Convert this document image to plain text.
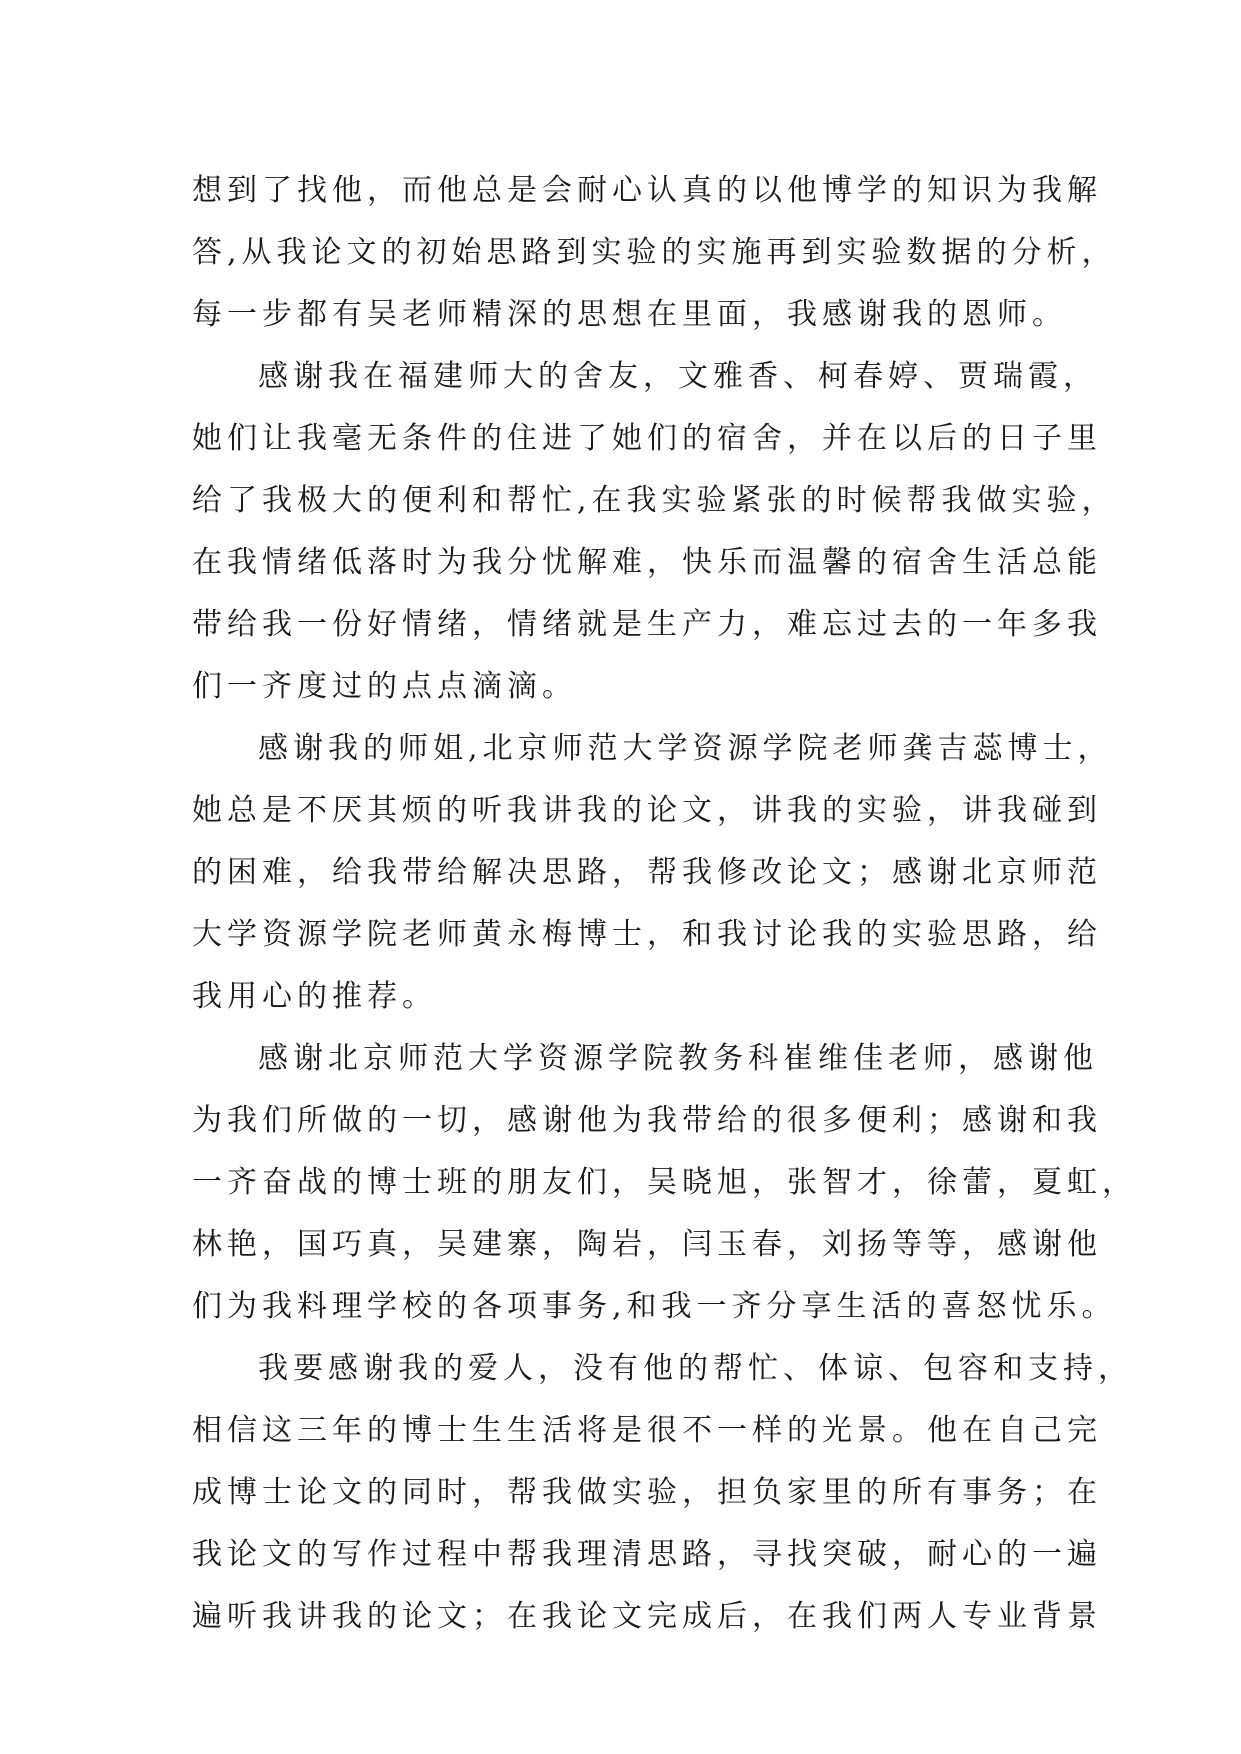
想到了找他，而他总是会耐心认真的以他博学的知识为我解
答,从我论文的初始思路到实验的实施再到实验数据的分析，
每一步都有吴老师精深的思想在里面，我感谢我的恩师。
感谢我在福建师大的舍友，文雅香、柯春婷、贾瑞霞，
她们让我毫无条件的住进了她们的宿舍，并在以后的日子里
给了我极大的便利和帮忙,在我实验紧张的时候帮我做实验，
在我情绪低落时为我分忧解难，快乐而温馨的宿舍生活总能
带给我一份好情绪，情绪就是生产力，难忘过去的一年多我
们一齐度过的点点滴滴。
感谢我的师姐,北京师范大学资源学院老师龚吉蕊博士，
她总是不厌其烦的听我讲我的论文，讲我的实验，讲我碰到
的困难，给我带给解决思路，帮我修改论文；感谢北京师范
大学资源学院老师黄永梅博士，和我讨论我的实验思路，给
我用心的推荐。
感谢北京师范大学资源学院教务科崔维佳老师，感谢他
为我们所做的一切，感谢他为我带给的很多便利；感谢和我
一齐奋战的博士班的朋友们，吴晓旭，张智才，徐蕾，夏虹，
林艳，国巧真，吴建寨，陶岩，闫玉春，刘扬等等，感谢他
们为我料理学校的各项事务,和我一齐分享生活的喜怒忧乐。
我要感谢我的爱人，没有他的帮忙、体谅、包容和支持，
相信这三年的博士生生活将是很不一样的光景。他在自己完
成博士论文的同时，帮我做实验，担负家里的所有事务；在
我论文的写作过程中帮我理清思路，寻找突破，耐心的一遍
遍听我讲我的论文；在我论文完成后，在我们两人专业背景
